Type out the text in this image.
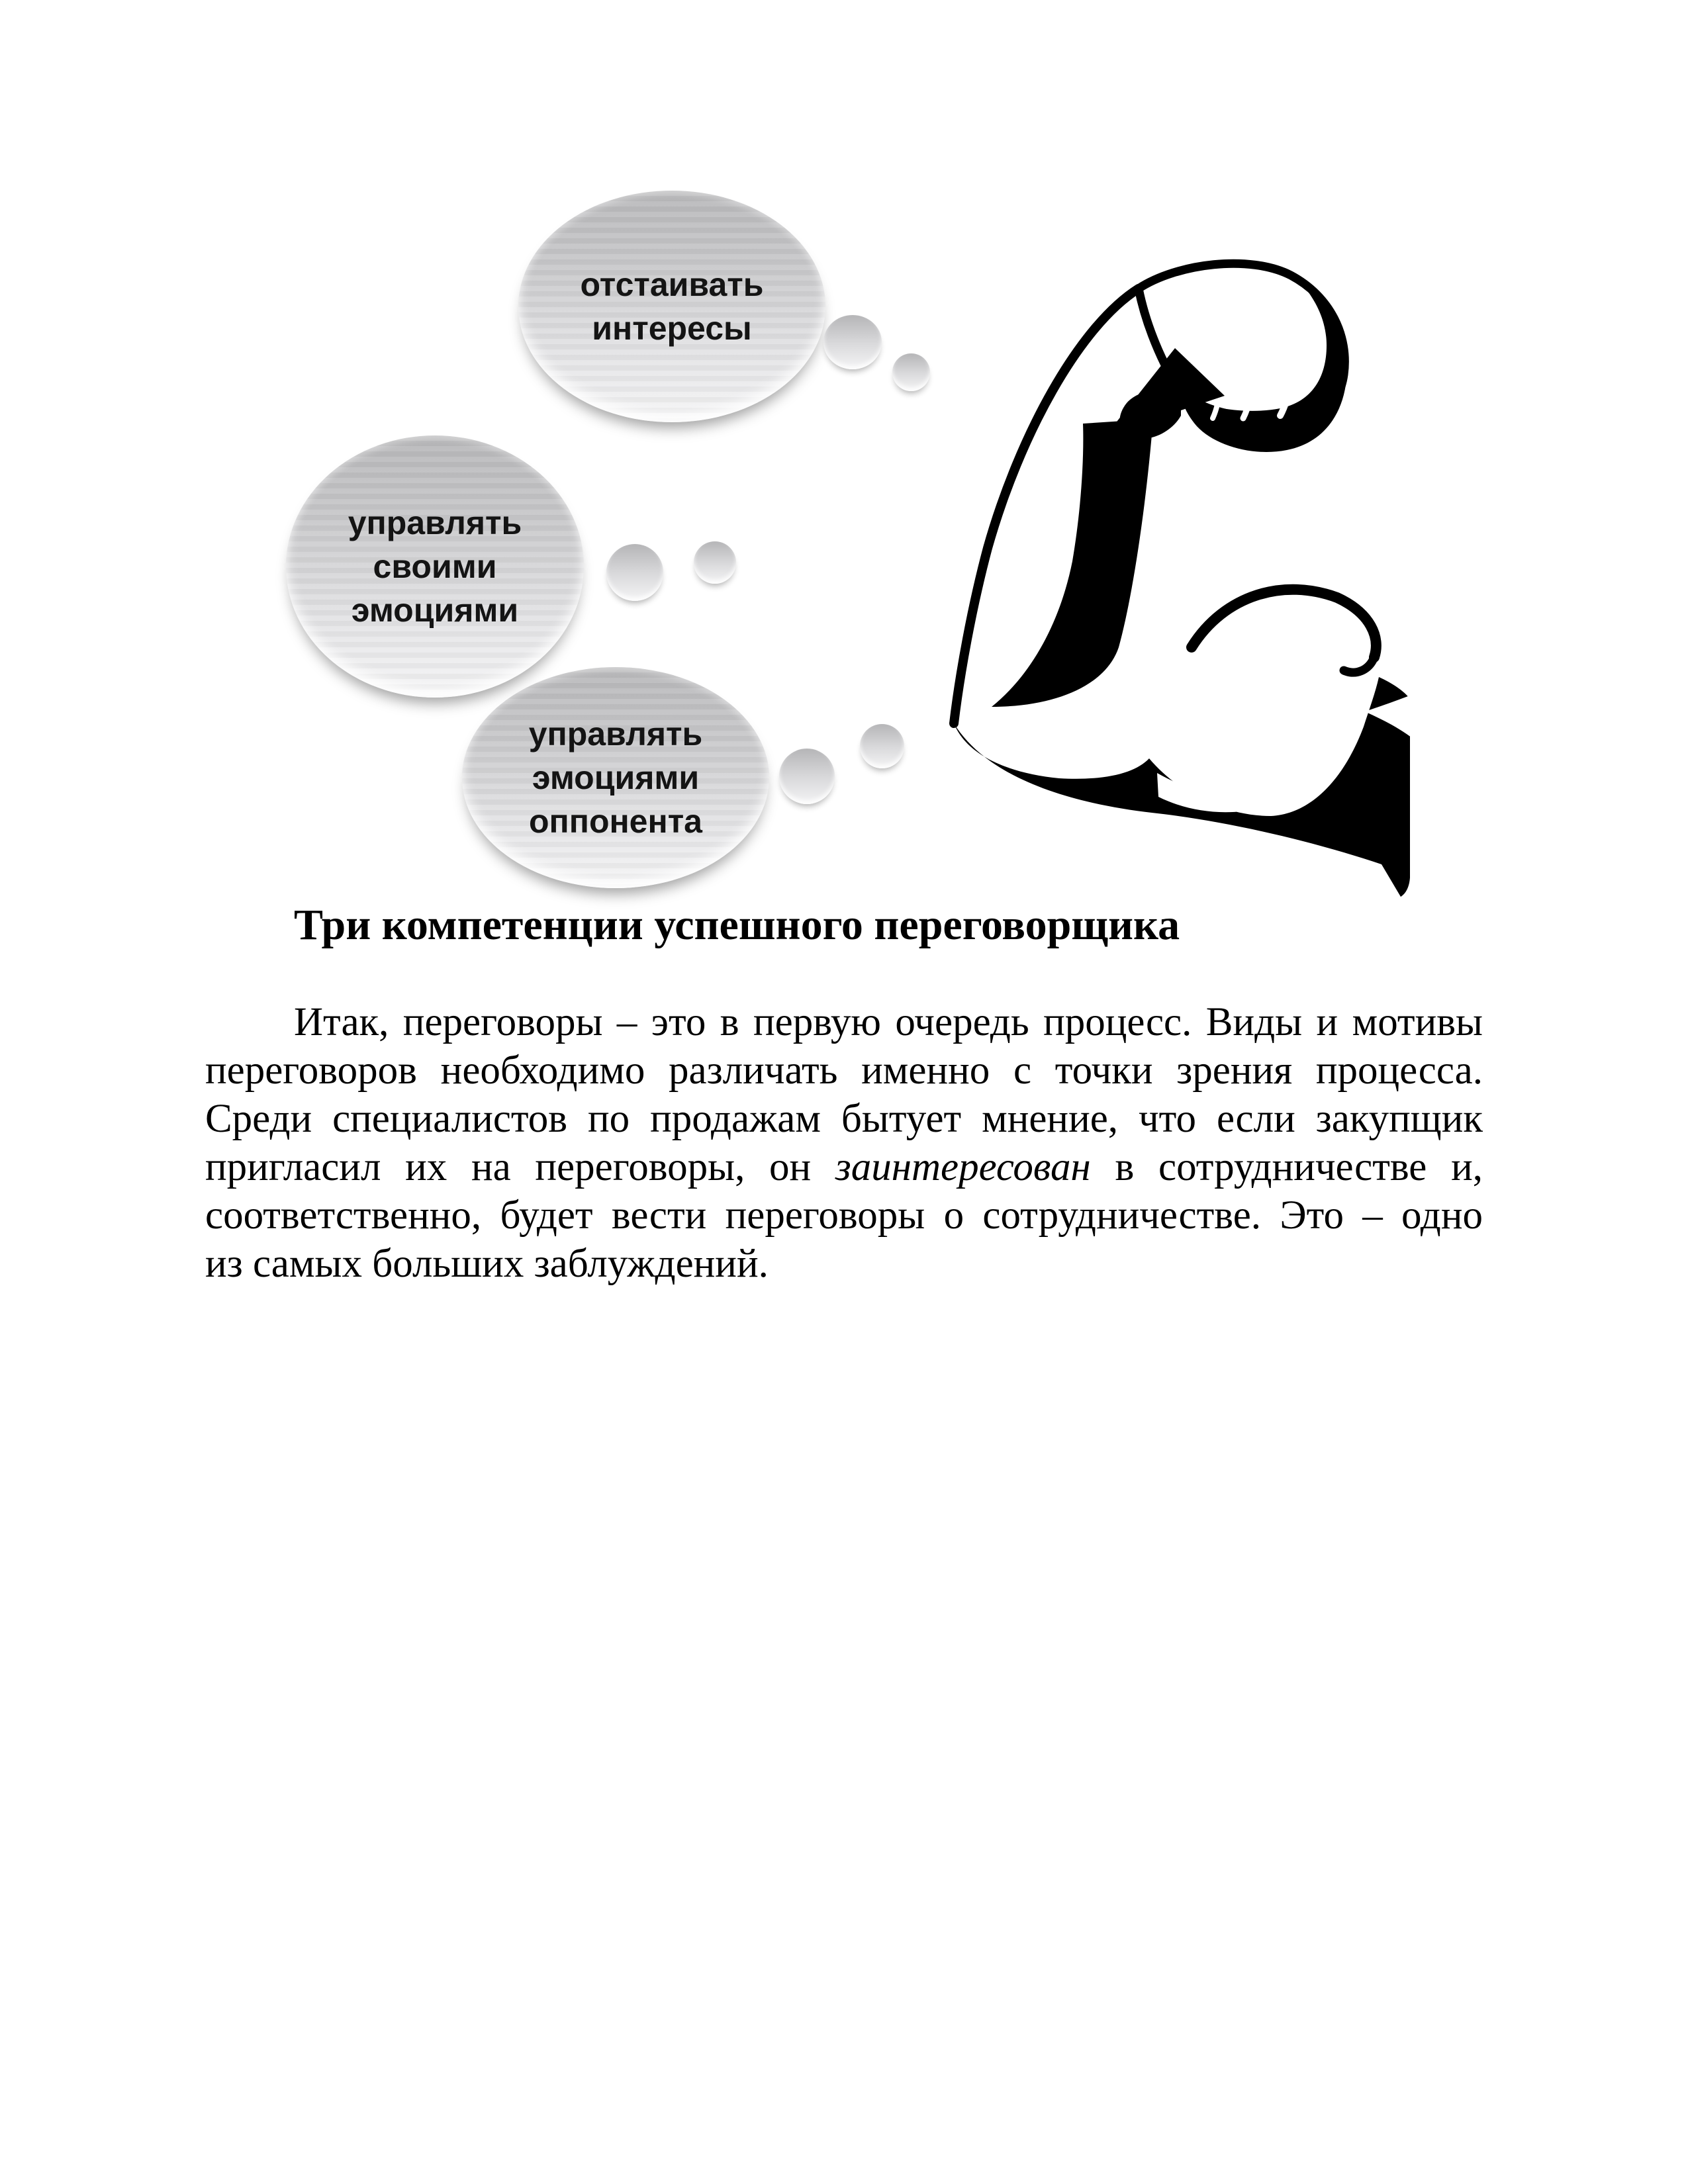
отстаивать
интересы
управлять
своими
эмоциями
управлять
эмоциями
оппонента
Три компетенции успешного переговорщика
Итак, переговоры – это в первую очередь процесс. Виды и мотивы
переговоров необходимо различать именно с точки зрения процесса.
Среди специалистов по продажам бытует мнение, что если закупщик
пригласил их на переговоры, он заинтересован в сотрудничестве и,
соответственно, будет вести переговоры о сотрудничестве. Это – одно
из самых больших заблуждений.
